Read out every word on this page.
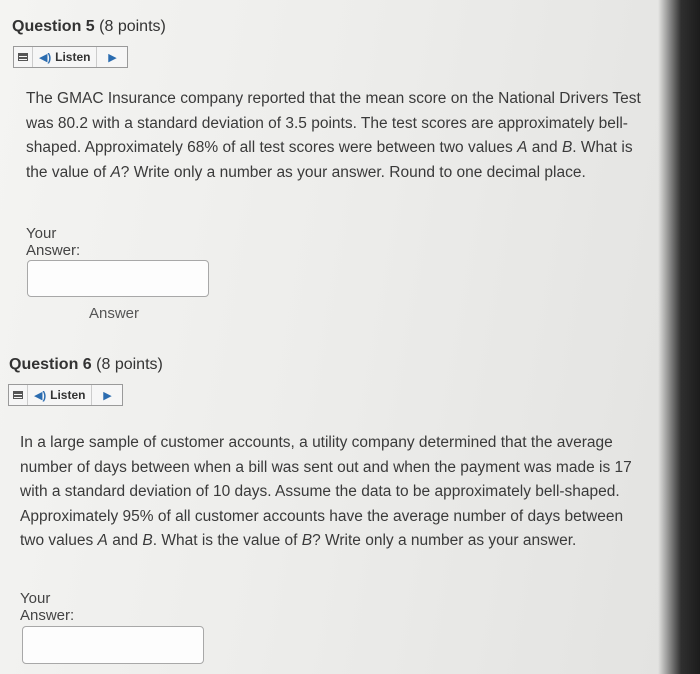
Question 5 (8 points)
◀) Listen	▶
The GMAC Insurance company reported that the mean score on the National Drivers Test was 80.2 with a standard deviation of 3.5 points. The test scores are approximately bell-shaped. Approximately 68% of all test scores were between two values A and B. What is the value of A? Write only a number as your answer. Round to one decimal place.
Your Answer:
Answer
Question 6 (8 points)
◀) Listen	▶
In a large sample of customer accounts, a utility company determined that the average number of days between when a bill was sent out and when the payment was made is 17 with a standard deviation of 10 days. Assume the data to be approximately bell-shaped. Approximately 95% of all customer accounts have the average number of days between two values A and B. What is the value of B? Write only a number as your answer.
Your Answer:
